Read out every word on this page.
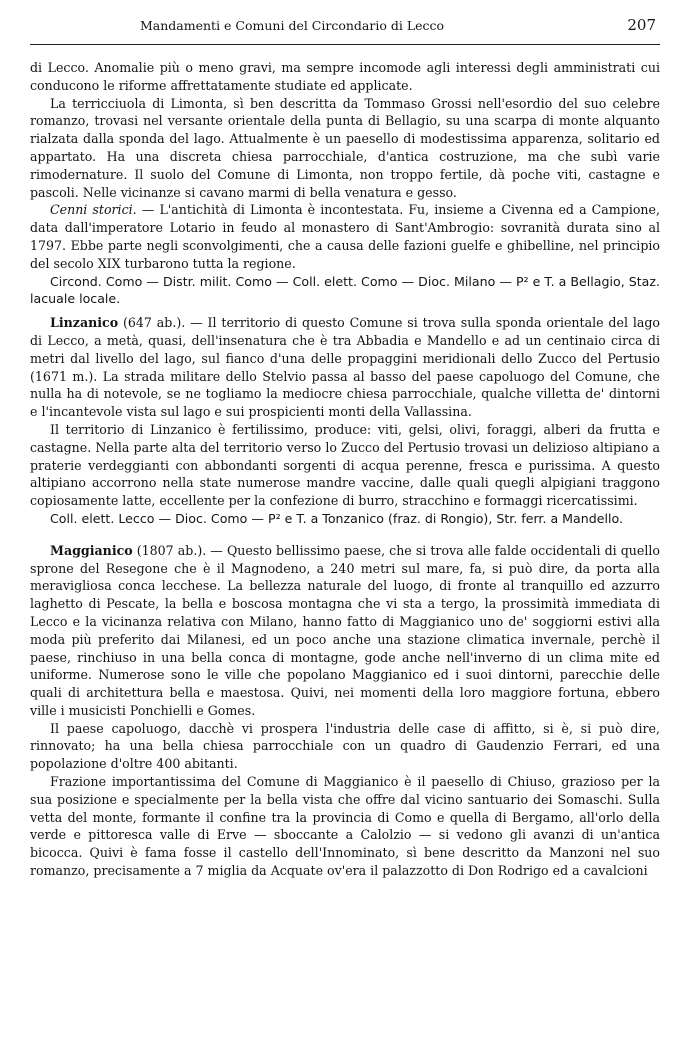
Mandamenti e Comuni del Circondario di Lecco	207

di Lecco. Anomalie più o meno gravi, ma sempre incomode agli interessi degli amministrati cui conducono le riforme affrettatamente studiate ed applicate.

La terricciuola di Limonta, sì ben descritta da Tommaso Grossi nell'esordio del suo celebre romanzo, trovasi nel versante orientale della punta di Bellagio, su una scarpa di monte alquanto rialzata dalla sponda del lago. Attualmente è un paesello di modestissima apparenza, solitario ed appartato. Ha una discreta chiesa parrocchiale, d'antica costruzione, ma che subì varie rimodernature. Il suolo del Comune di Limonta, non troppo fertile, dà poche viti, castagne e pascoli. Nelle vicinanze si cavano marmi di bella venatura e gesso.

Cenni storici. — L'antichità di Limonta è incontestata. Fu, insieme a Civenna ed a Campione, data dall'imperatore Lotario in feudo al monastero di Sant'Ambrogio: sovranità durata sino al 1797. Ebbe parte negli sconvolgimenti, che a causa delle fazioni guelfe e ghibelline, nel principio del secolo XIX turbarono tutta la regione.

Circond. Como — Distr. milit. Como — Coll. elett. Como — Dioc. Milano — P² e T. a Bellagio, Staz. lacuale locale.

Linzanico (647 ab.). — Il territorio di questo Comune si trova sulla sponda orientale del lago di Lecco, a metà, quasi, dell'insenatura che è tra Abbadia e Mandello e ad un centinaio circa di metri dal livello del lago, sul fianco d'una delle propaggini meridionali dello Zucco del Pertusio (1671 m.). La strada militare dello Stelvio passa al basso del paese capoluogo del Comune, che nulla ha di notevole, se ne togliamo la mediocre chiesa parrocchiale, qualche villetta de' dintorni e l'incantevole vista sul lago e sui prospicienti monti della Vallassina.

Il territorio di Linzanico è fertilissimo, produce: viti, gelsi, olivi, foraggi, alberi da frutta e castagne. Nella parte alta del territorio verso lo Zucco del Pertusio trovasi un delizioso altipiano a praterie verdeggianti con abbondanti sorgenti di acqua perenne, fresca e purissima. A questo altipiano accorrono nella state numerose mandre vaccine, dalle quali quegli alpigiani traggono copiosamente latte, eccellente per la confezione di burro, stracchino e formaggi ricercatissimi.

Coll. elett. Lecco — Dioc. Como — P² e T. a Tonzanico (fraz. di Rongio), Str. ferr. a Mandello.

Maggianico (1807 ab.). — Questo bellissimo paese, che si trova alle falde occidentali di quello sprone del Resegone che è il Magnodeno, a 240 metri sul mare, fa, si può dire, da porta alla meravigliosa conca lecchese. La bellezza naturale del luogo, di fronte al tranquillo ed azzurro laghetto di Pescate, la bella e boscosa montagna che vi sta a tergo, la prossimità immediata di Lecco e la vicinanza relativa con Milano, hanno fatto di Maggianico uno de' soggiorni estivi alla moda più preferito dai Milanesi, ed un poco anche una stazione climatica invernale, perchè il paese, rinchiuso in una bella conca di montagne, gode anche nell'inverno di un clima mite ed uniforme. Numerose sono le ville che popolano Maggianico ed i suoi dintorni, parecchie delle quali di architettura bella e maestosa. Quivi, nei momenti della loro maggiore fortuna, ebbero ville i musicisti Ponchielli e Gomes.

Il paese capoluogo, dacchè vi prospera l'industria delle case di affitto, si è, si può dire, rinnovato; ha una bella chiesa parrocchiale con un quadro di Gaudenzio Ferrari, ed una popolazione d'oltre 400 abitanti.

Frazione importantissima del Comune di Maggianico è il paesello di Chiuso, grazioso per la sua posizione e specialmente per la bella vista che offre dal vicino santuario dei Somaschi. Sulla vetta del monte, formante il confine tra la provincia di Como e quella di Bergamo, all'orlo della verde e pittoresca valle di Erve — sboccante a Calolzio — si vedono gli avanzi di un'antica bicocca. Quivi è fama fosse il castello dell'Innominato, sì bene descritto da Manzoni nel suo romanzo, precisamente a 7 miglia da Acquate ov'era il palazzotto di Don Rodrigo ed a cavalcioni
